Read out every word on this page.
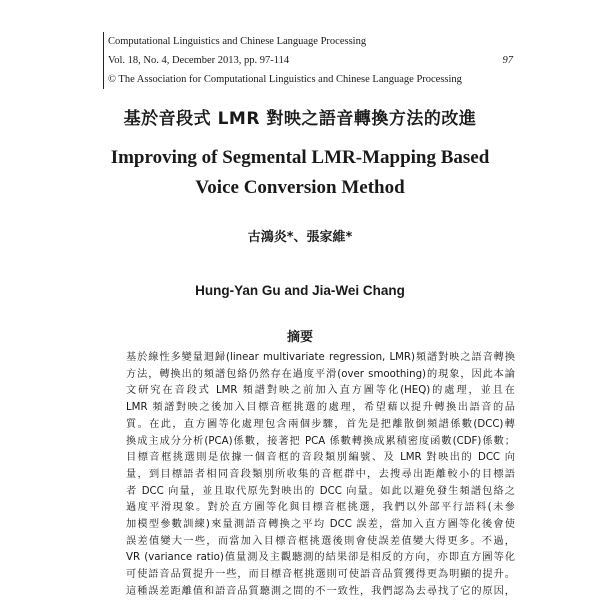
Computational Linguistics and Chinese Language Processing
Vol. 18, No. 4, December 2013, pp. 97-114	97
© The Association for Computational Linguistics and Chinese Language Processing
基於音段式 LMR 對映之語音轉換方法的改進
Improving of Segmental LMR-Mapping Based
Voice Conversion Method
古鴻炎*、張家維*
Hung-Yan Gu and Jia-Wei Chang
摘要
基於線性多變量迴歸(linear multivariate regression, LMR)頻譜對映之語音轉換
方法，轉換出的頻譜包絡仍然存在過度平滑(over smoothing)的現象，因此本論
文研究在音段式 LMR 頻譜對映之前加入直方圖等化(HEQ)的處理，並且在
LMR 頻譜對映之後加入目標音框挑選的處理，希望藉以提升轉換出語音的品
質。在此，直方圖等化處理包含兩個步驟，首先是把離散倒頻譜係數(DCC)轉
換成主成分分析(PCA)係數，接著把 PCA 係數轉換成累積密度函數(CDF)係數；
目標音框挑選則是依據一個音框的音段類別編號、及 LMR 對映出的 DCC 向
量，到目標語者相同音段類別所收集的音框群中，去搜尋出距離較小的目標語
者 DCC 向量，並且取代原先對映出的 DCC 向量。如此以避免發生頻譜包絡之
過度平滑現象。對於直方圖等化與目標音框挑選，我們以外部平行語料(未參
加模型參數訓練)來量測語音轉換之平均 DCC 誤差，當加入直方圖等化後會使
誤差值變大一些，而當加入目標音框挑選後則會使誤差值變大得更多。不過，
VR (variance ratio)值量測及主觀聽測的結果卻是相反的方向，亦即直方圖等化
可使語音品質提升一些，而目標音框挑選則可使語音品質獲得更為明顯的提升。
這種誤差距離值和語音品質聽測之間的不一致性，我們認為去尋找了它的原因，
